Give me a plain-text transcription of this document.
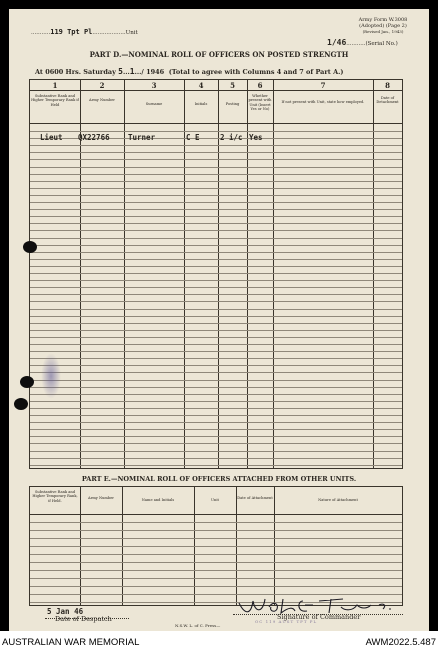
...........119 Tpt Pl...................Unit
Army Form W.3008
(Adopted) (Page 2)
(Revised Jan., 1943)
1/46...........(Serial No.)
PART D.—NOMINAL ROLL OF OFFICERS ON POSTED STRENGTH
At 0600 Hrs. Saturday 5...1.../ 1946 (Total to agree with Columns 4 and 7 of Part A.)
1	2	3	4	5	6	7	8
Substantive Rank and Higher Temporary Rank if Held
Army Number
Surname	Initials	Posting
Whether present with Unit (Insert Yes or No)
If not present with Unit, state how employed.
Date of Detachment
Lieut QX22766 Turner	C E	2 i/c Yes
PART E.—NOMINAL ROLL OF OFFICERS ATTACHED FROM OTHER UNITS.
Substantive Rank and Higher Temporary Rank, if Held.
Army Number	Name and Initials	Unit	Date of Attachment	Nature of Attachment
5 Jan 46
Date of Despatch
N.S.W. L. of C. Press—
OC 119 AUST TPT PL
Signature of Commander
AUSTRALIAN WAR MEMORIAL	AWM2022.5.487
